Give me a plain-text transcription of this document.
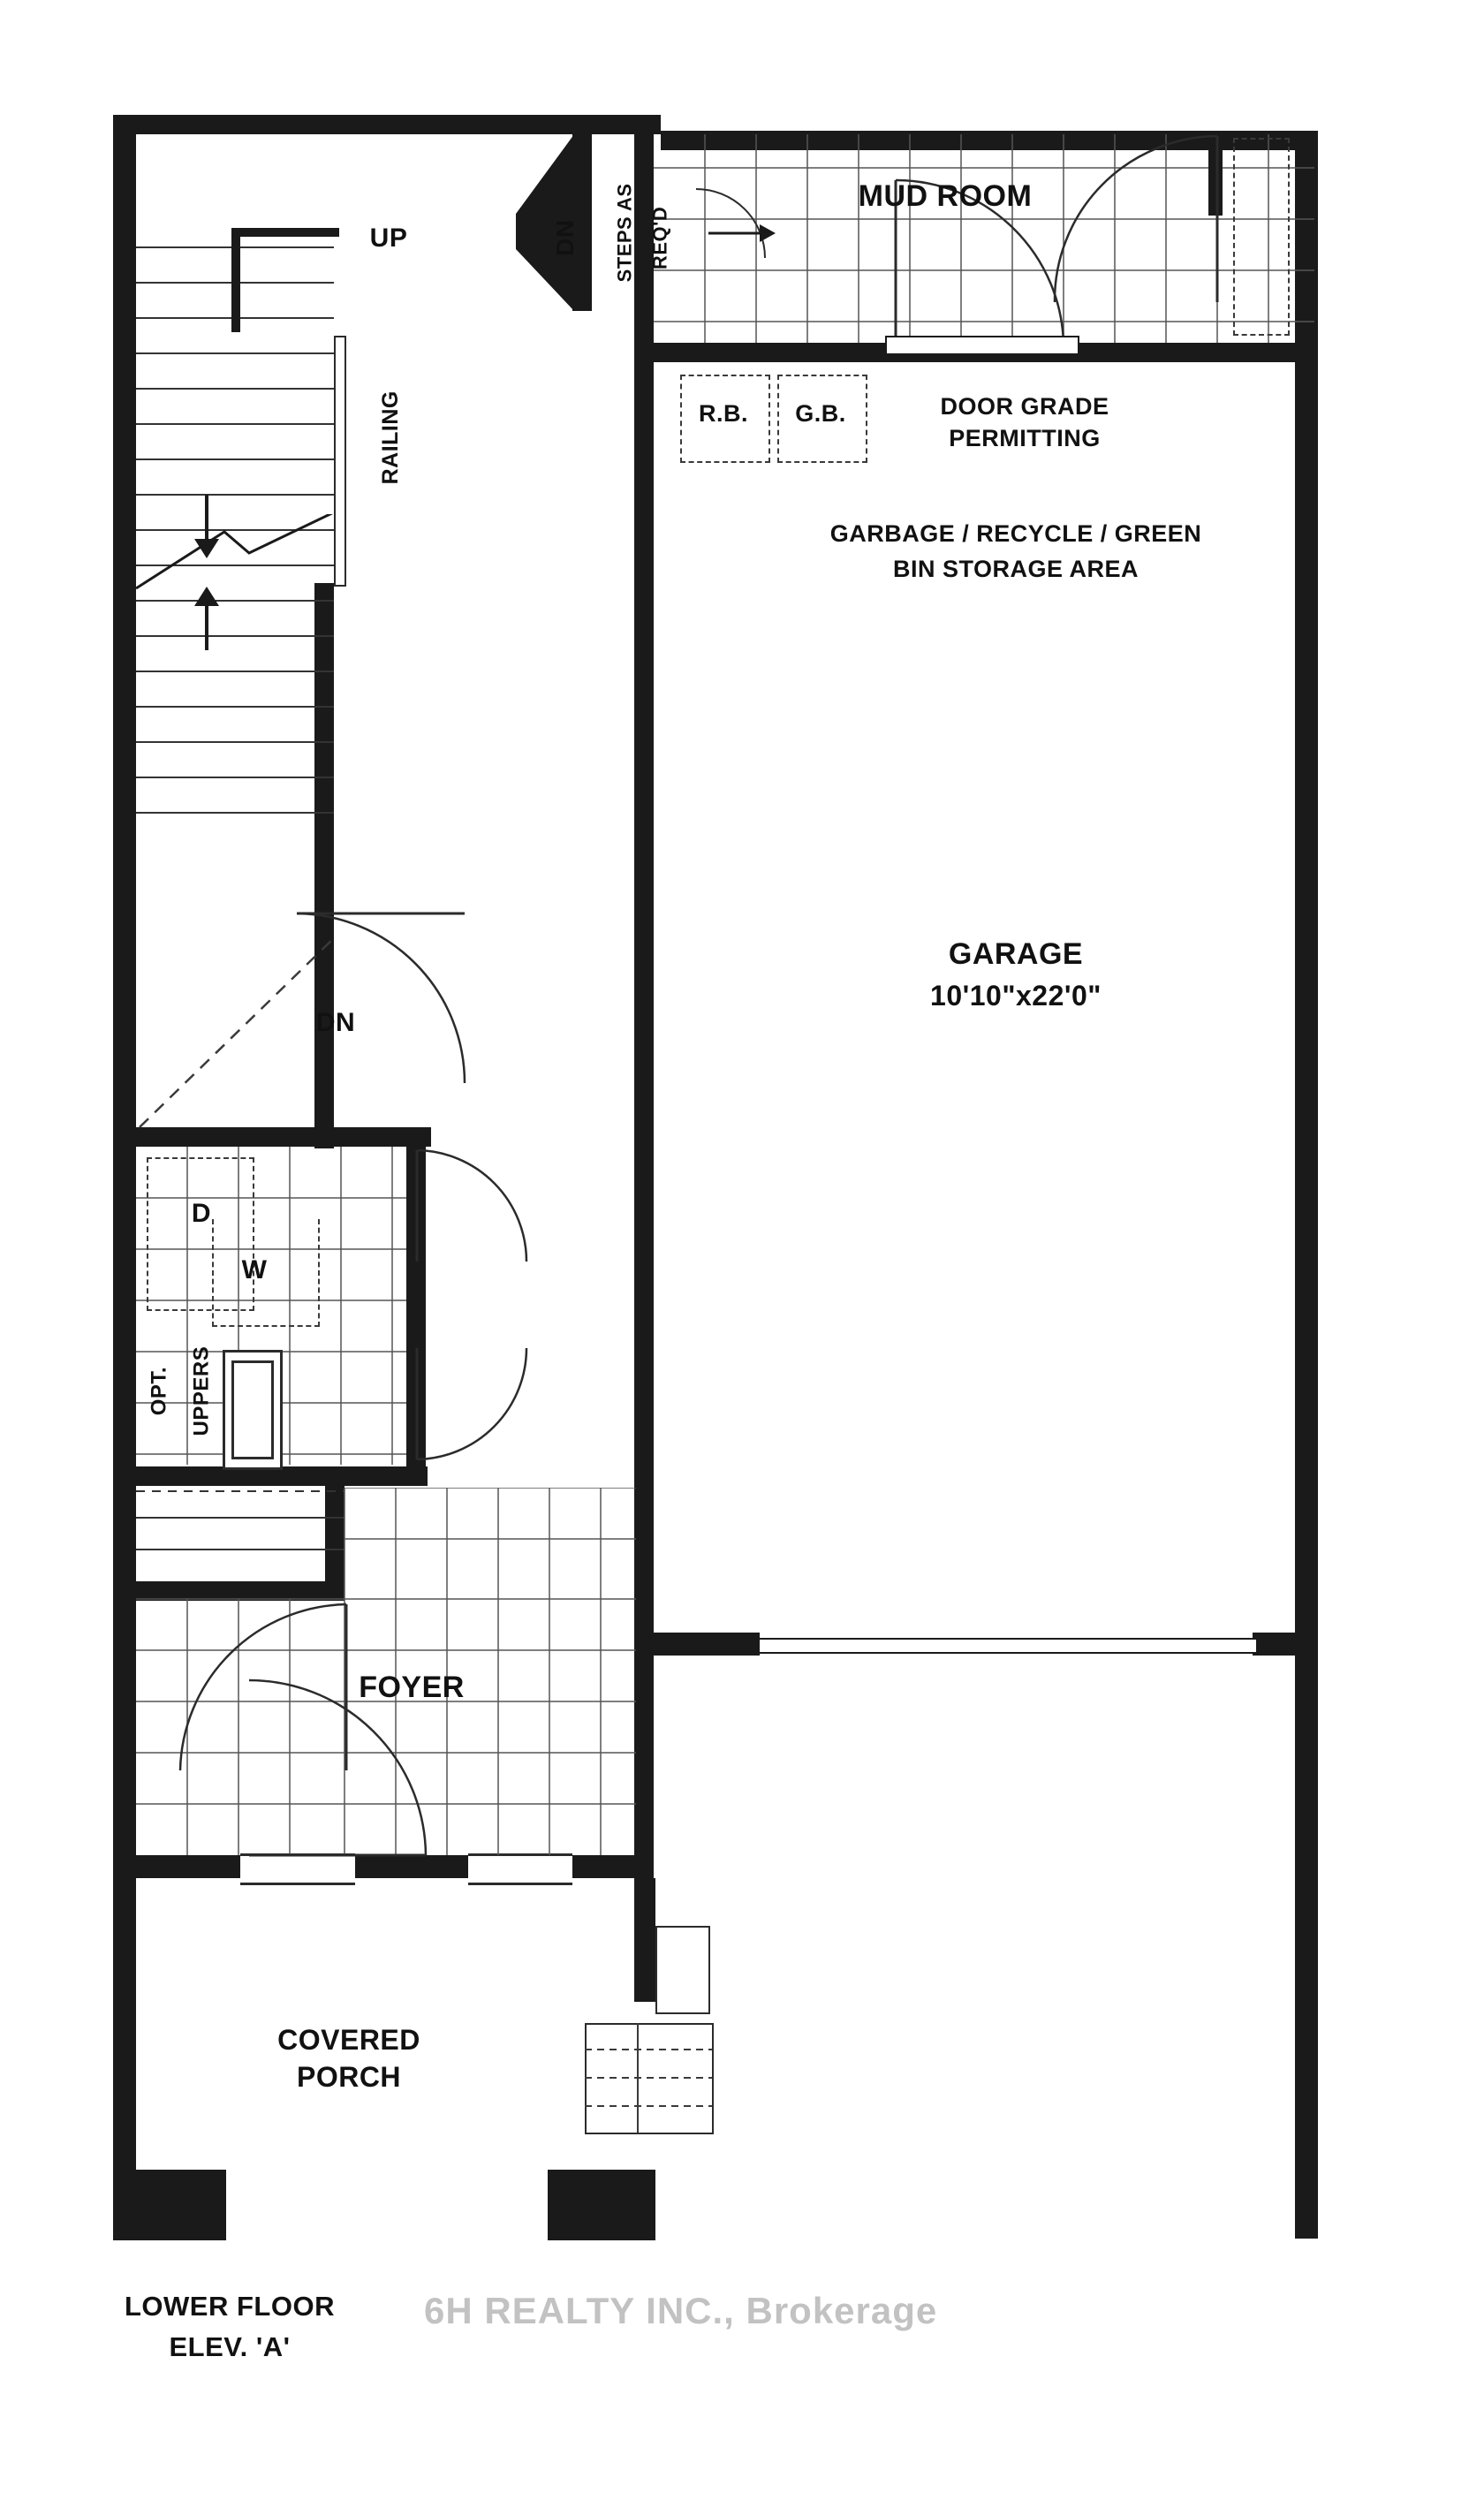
UP	DN STEPS AS REQ'D
RAILING
MUD ROOM
R.B.	G.B.	DOOR GRADE
PERMITTING
GARBAGE / RECYCLE / GREEN
BIN STORAGE AREA
GARAGE
10'10"x22'0"
DN
D
W
OPT. UPPERS
FOYER
COVERED
PORCH
LOWER FLOOR
ELEV. 'A'
6H REALTY INC., Brokerage
